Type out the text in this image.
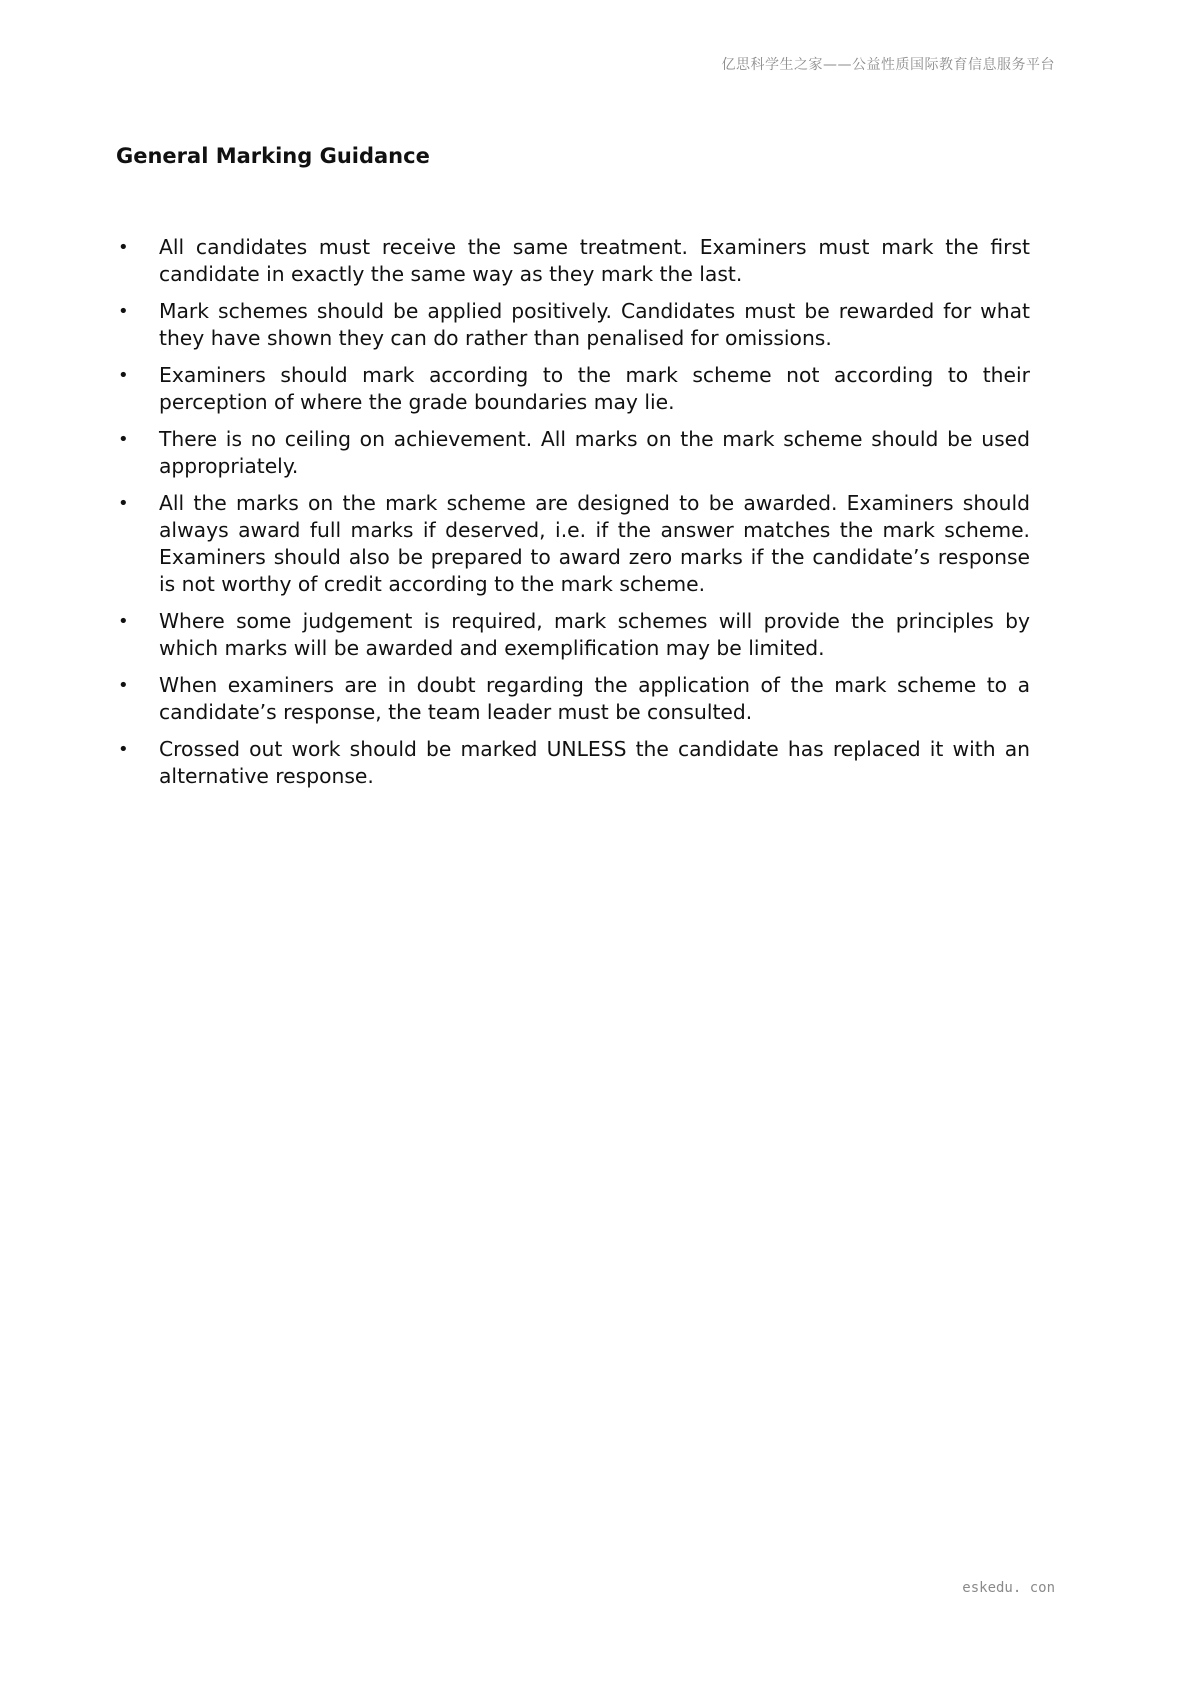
亿思科学生之家——公益性质国际教育信息服务平台
General Marking Guidance
• All candidates must receive the same treatment. Examiners must mark the first candidate in exactly the same way as they mark the last.
• Mark schemes should be applied positively. Candidates must be rewarded for what they have shown they can do rather than penalised for omissions.
• Examiners should mark according to the mark scheme not according to their perception of where the grade boundaries may lie.
• There is no ceiling on achievement. All marks on the mark scheme should be used appropriately.
• All the marks on the mark scheme are designed to be awarded. Examiners should always award full marks if deserved, i.e. if the answer matches the mark scheme. Examiners should also be prepared to award zero marks if the candidate’s response is not worthy of credit according to the mark scheme.
• Where some judgement is required, mark schemes will provide the principles by which marks will be awarded and exemplification may be limited.
• When examiners are in doubt regarding the application of the mark scheme to a candidate’s response, the team leader must be consulted.
• Crossed out work should be marked UNLESS the candidate has replaced it with an alternative response.
eskedu. con
